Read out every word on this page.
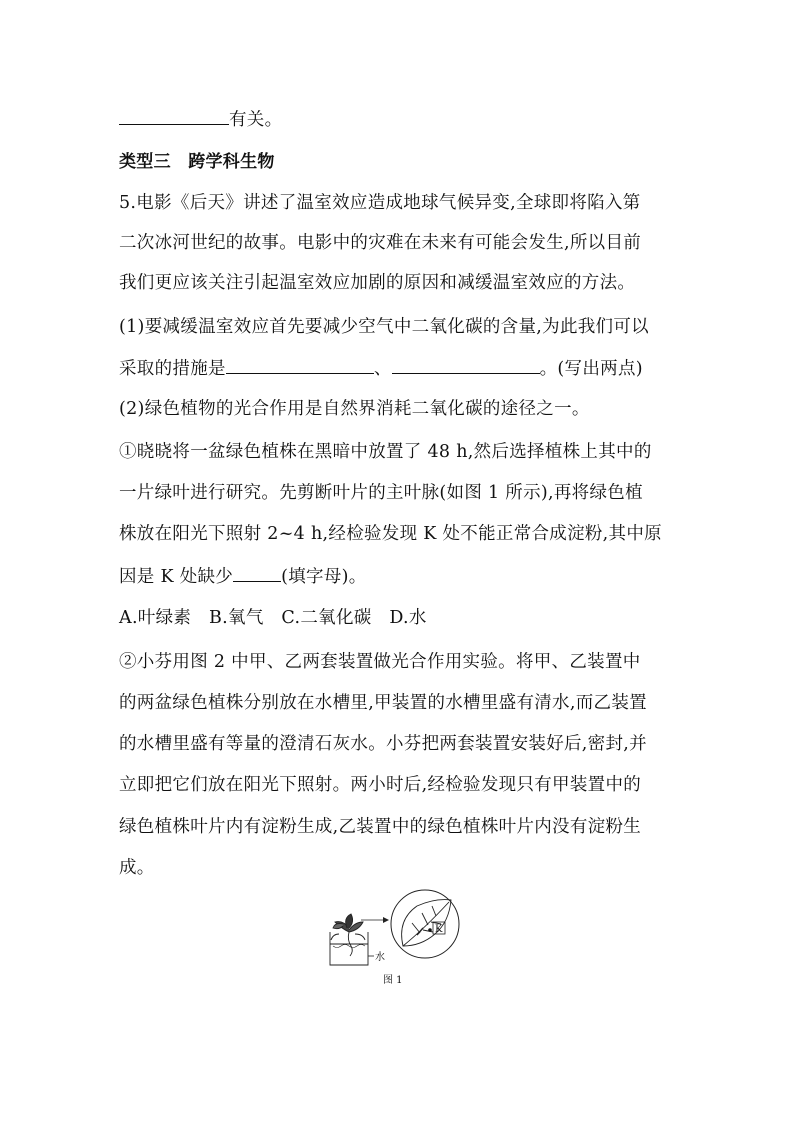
有关。
类型三　跨学科生物
5.电影《后天》讲述了温室效应造成地球气候异变,全球即将陷入第
二次冰河世纪的故事。电影中的灾难在未来有可能会发生,所以目前
我们更应该关注引起温室效应加剧的原因和减缓温室效应的方法。
(1)要减缓温室效应首先要减少空气中二氧化碳的含量,为此我们可以
采取的措施是	、	。(写出两点)
(2)绿色植物的光合作用是自然界消耗二氧化碳的途径之一。
①晓晓将一盆绿色植株在黑暗中放置了 48 h,然后选择植株上其中的
一片绿叶进行研究。先剪断叶片的主叶脉(如图 1 所示),再将绿色植
株放在阳光下照射 2~4 h,经检验发现 K 处不能正常合成淀粉,其中原
因是 K 处缺少	(填字母)。
A.叶绿素　B.氧气　C.二氧化碳　D.水
②小芬用图 2 中甲、乙两套装置做光合作用实验。将甲、乙装置中
的两盆绿色植株分别放在水槽里,甲装置的水槽里盛有清水,而乙装置
的水槽里盛有等量的澄清石灰水。小芬把两套装置安装好后,密封,并
立即把它们放在阳光下照射。两小时后,经检验发现只有甲装置中的
绿色植株叶片内有淀粉生成,乙装置中的绿色植株叶片内没有淀粉生
成。
水
K
图 1
